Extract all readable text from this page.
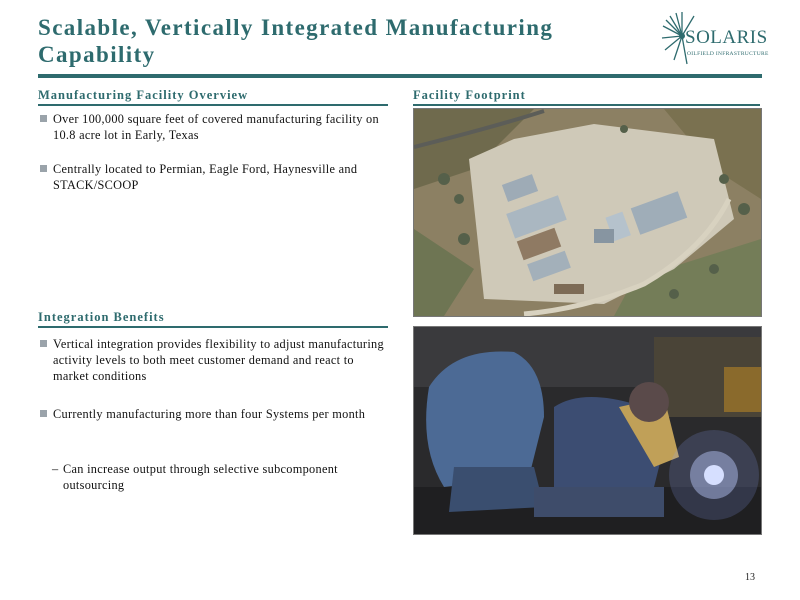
Scalable, Vertically Integrated Manufacturing Capability
SOLARIS
OILFIELD INFRASTRUCTURE
Manufacturing Facility Overview
Over 100,000 square feet of covered manufacturing facility on 10.8 acre lot in Early, Texas
Centrally located to Permian, Eagle Ford, Haynesville and STACK/SCOOP
Facility Footprint
Integration Benefits
Vertical integration provides flexibility to adjust manufacturing activity levels to both meet customer demand and react to market conditions
Currently manufacturing more than four Systems per month
– Can increase output through selective subcomponent outsourcing
13
